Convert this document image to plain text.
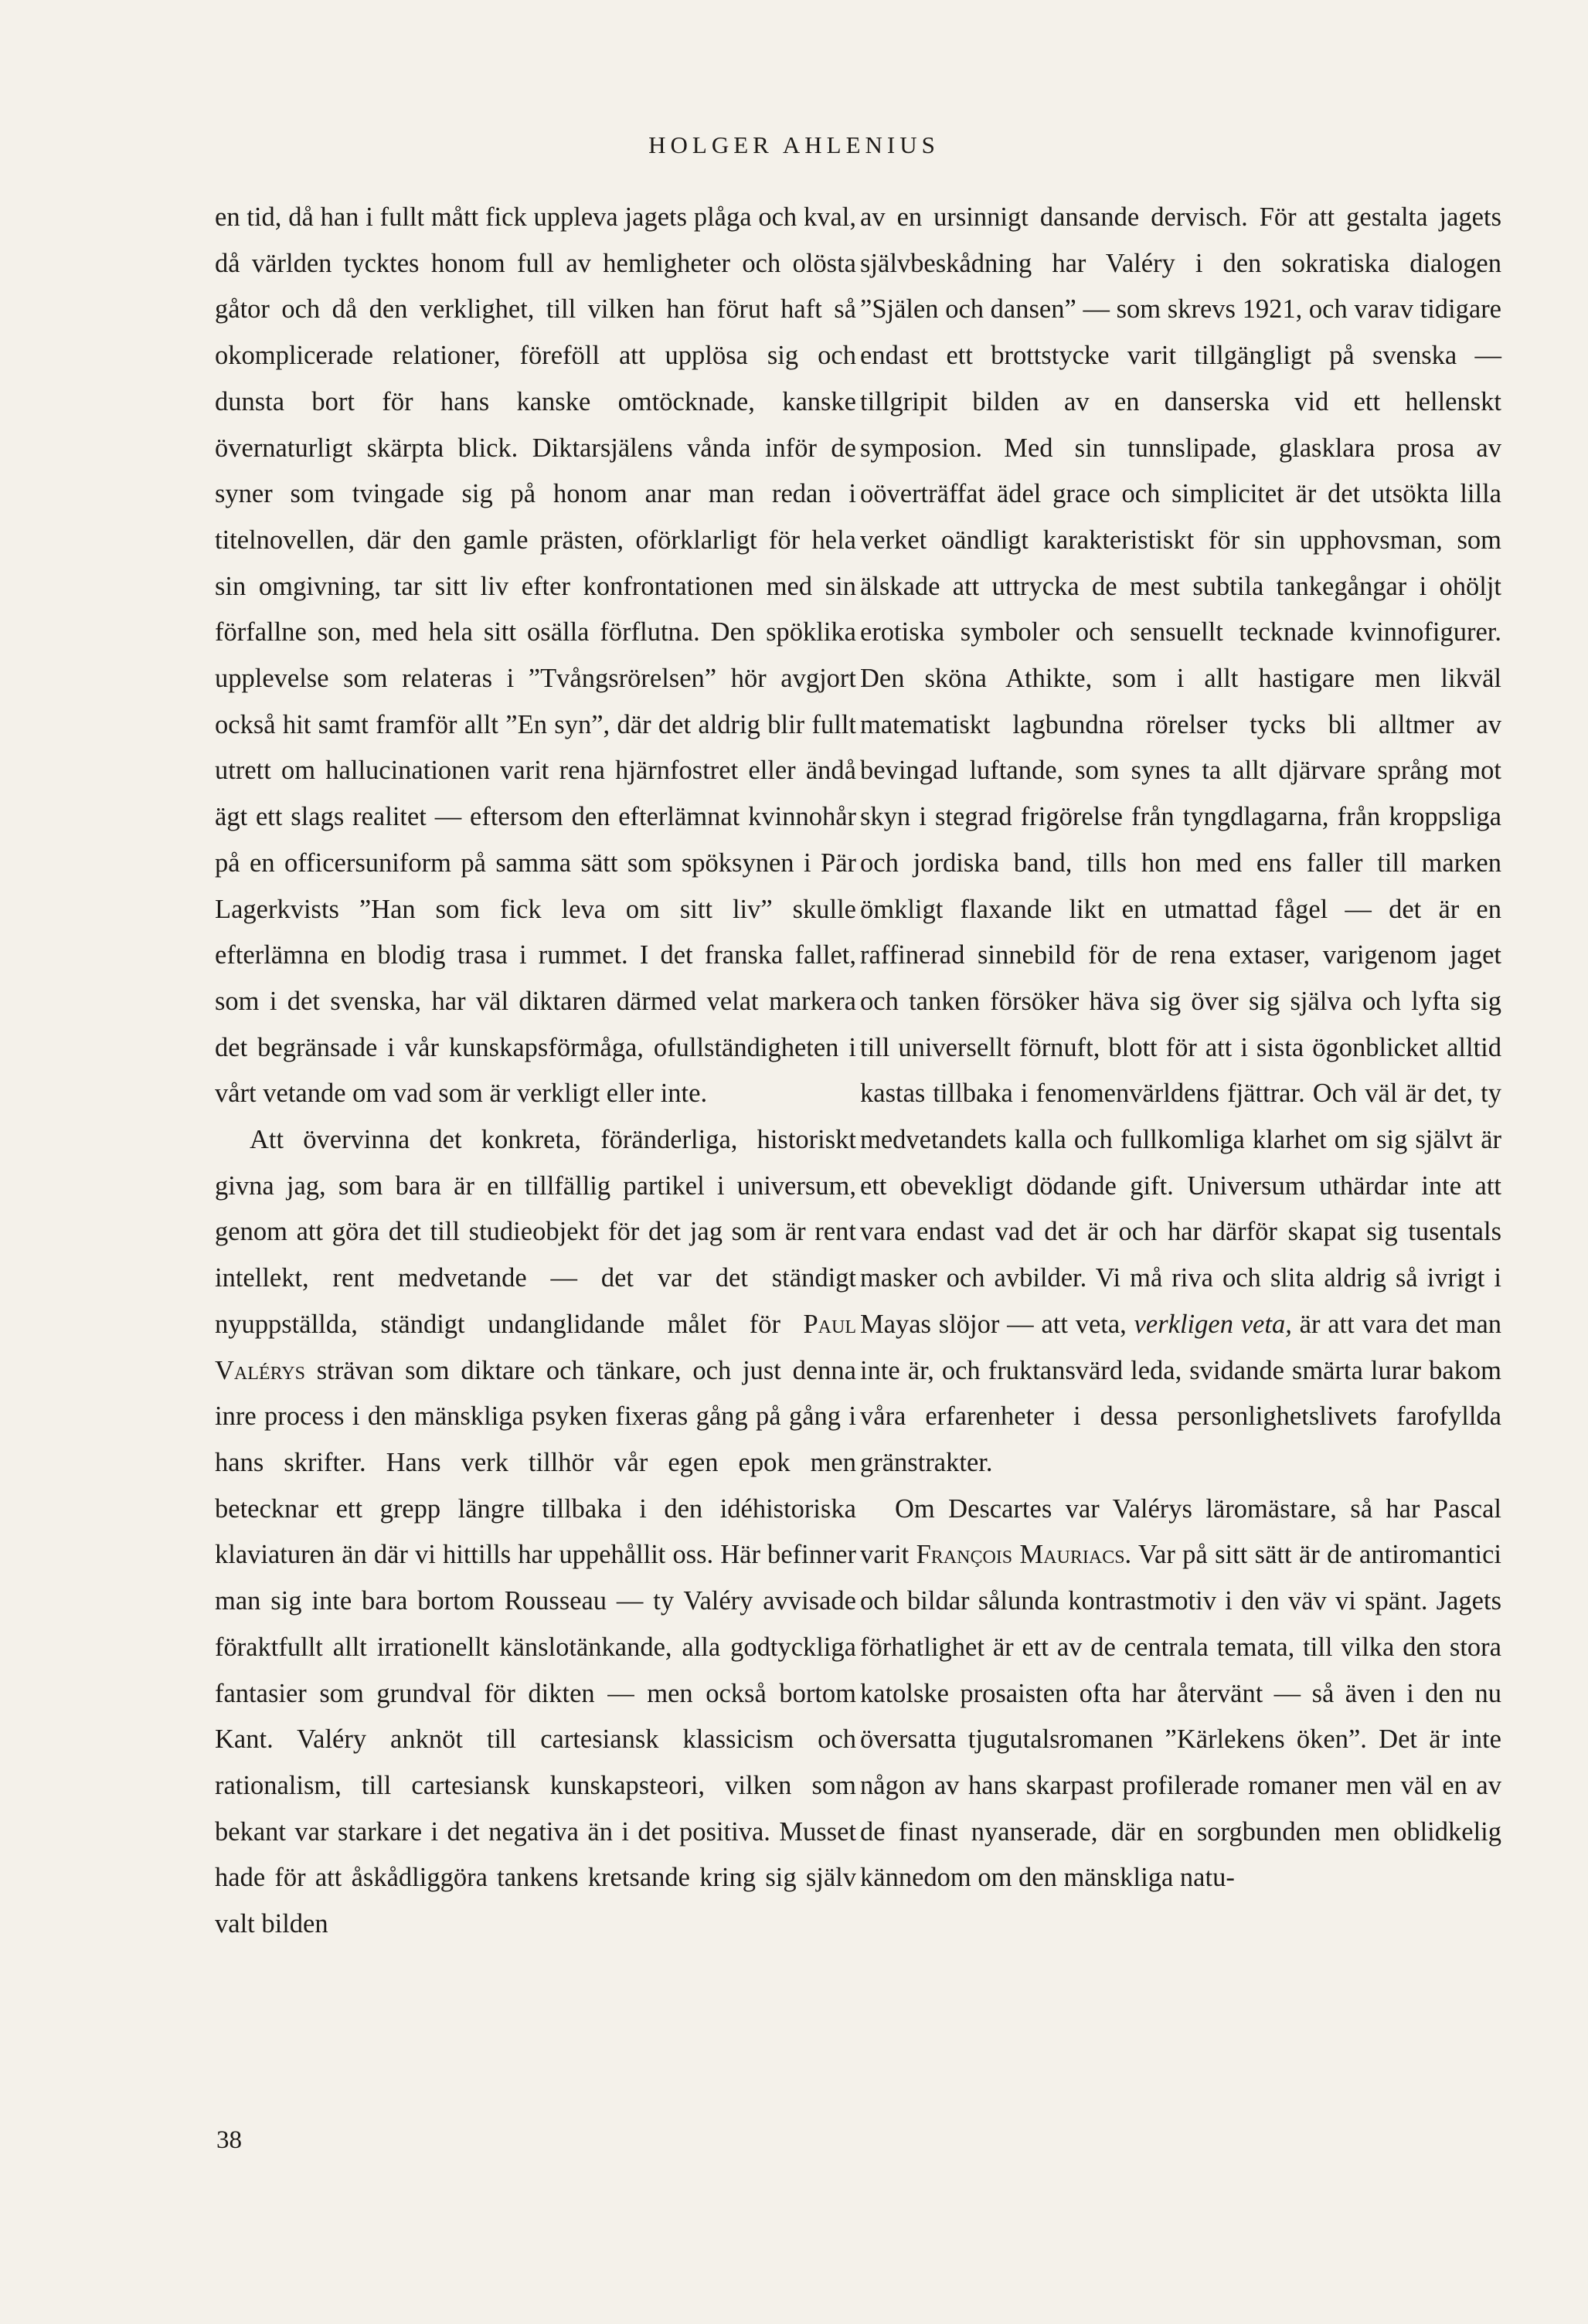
HOLGER AHLENIUS

en tid, då han i fullt mått fick uppleva jagets plåga och kval, då världen tycktes honom full av hemligheter och olösta gåtor och då den verklighet, till vilken han förut haft så okomplicerade relationer, föreföll att upplösa sig och dunsta bort för hans kanske omtöcknade, kanske övernaturligt skärpta blick. Diktarsjälens vånda inför de syner som tvingade sig på honom anar man redan i titelnovellen, där den gamle prästen, oförklarligt för hela sin omgivning, tar sitt liv efter konfrontationen med sin förfallne son, med hela sitt osälla förflutna. Den spöklika upplevelse som relateras i ”Tvångsrörelsen” hör avgjort också hit samt framför allt ”En syn”, där det aldrig blir fullt utrett om hallucinationen varit rena hjärnfostret eller ändå ägt ett slags realitet — eftersom den efterlämnat kvinnohår på en officersuniform på samma sätt som spöksynen i Pär Lagerkvists ”Han som fick leva om sitt liv” skulle efterlämna en blodig trasa i rummet. I det franska fallet, som i det svenska, har väl diktaren därmed velat markera det begränsade i vår kunskapsförmåga, ofullständigheten i vårt vetande om vad som är verkligt eller inte.

Att övervinna det konkreta, föränderliga, historiskt givna jag, som bara är en tillfällig partikel i universum, genom att göra det till studieobjekt för det jag som är rent intellekt, rent medvetande — det var det ständigt nyuppställda, ständigt undanglidande målet för Paul Valérys strävan som diktare och tänkare, och just denna inre process i den mänskliga psyken fixeras gång på gång i hans skrifter. Hans verk tillhör vår egen epok men betecknar ett grepp längre tillbaka i den idéhistoriska klaviaturen än där vi hittills har uppehållit oss. Här befinner man sig inte bara bortom Rousseau — ty Valéry avvisade föraktfullt allt irrationellt känslotänkande, alla godtyckliga fantasier som grundval för dikten — men också bortom Kant. Valéry anknöt till cartesiansk klassicism och rationalism, till cartesiansk kunskapsteori, vilken som bekant var starkare i det negativa än i det positiva. Musset hade för att åskådliggöra tankens kretsande kring sig själv valt bilden

av en ursinnigt dansande dervisch. För att gestalta jagets självbeskådning har Valéry i den sokratiska dialogen ”Själen och dansen” — som skrevs 1921, och varav tidigare endast ett brottstycke varit tillgängligt på svenska — tillgripit bilden av en danserska vid ett hellenskt symposion. Med sin tunnslipade, glasklara prosa av oöverträffat ädel grace och simplicitet är det utsökta lilla verket oändligt karakteristiskt för sin upphovsman, som älskade att uttrycka de mest subtila tankegångar i ohöljt erotiska symboler och sensuellt tecknade kvinnofigurer. Den sköna Athikte, som i allt hastigare men likväl matematiskt lagbundna rörelser tycks bli alltmer av bevingad luftande, som synes ta allt djärvare språng mot skyn i stegrad frigörelse från tyngdlagarna, från kroppsliga och jordiska band, tills hon med ens faller till marken ömkligt flaxande likt en utmattad fågel — det är en raffinerad sinnebild för de rena extaser, varigenom jaget och tanken försöker häva sig över sig själva och lyfta sig till universellt förnuft, blott för att i sista ögonblicket alltid kastas tillbaka i fenomenvärldens fjättrar. Och väl är det, ty medvetandets kalla och fullkomliga klarhet om sig självt är ett obevekligt dödande gift. Universum uthärdar inte att vara endast vad det är och har därför skapat sig tusentals masker och avbilder. Vi må riva och slita aldrig så ivrigt i Mayas slöjor — att veta, verkligen veta, är att vara det man inte är, och fruktansvärd leda, svidande smärta lurar bakom våra erfarenheter i dessa personlighetslivets farofyllda gränstrakter.

Om Descartes var Valérys läromästare, så har Pascal varit François Mauriacs. Var på sitt sätt är de antiromantici och bildar sålunda kontrastmotiv i den väv vi spänt. Jagets förhatlighet är ett av de centrala temata, till vilka den stora katolske prosaisten ofta har återvänt — så även i den nu översatta tjugutalsromanen ”Kärlekens öken”. Det är inte någon av hans skarpast profilerade romaner men väl en av de finast nyanserade, där en sorgbunden men oblidkelig kännedom om den mänskliga natu-

38
